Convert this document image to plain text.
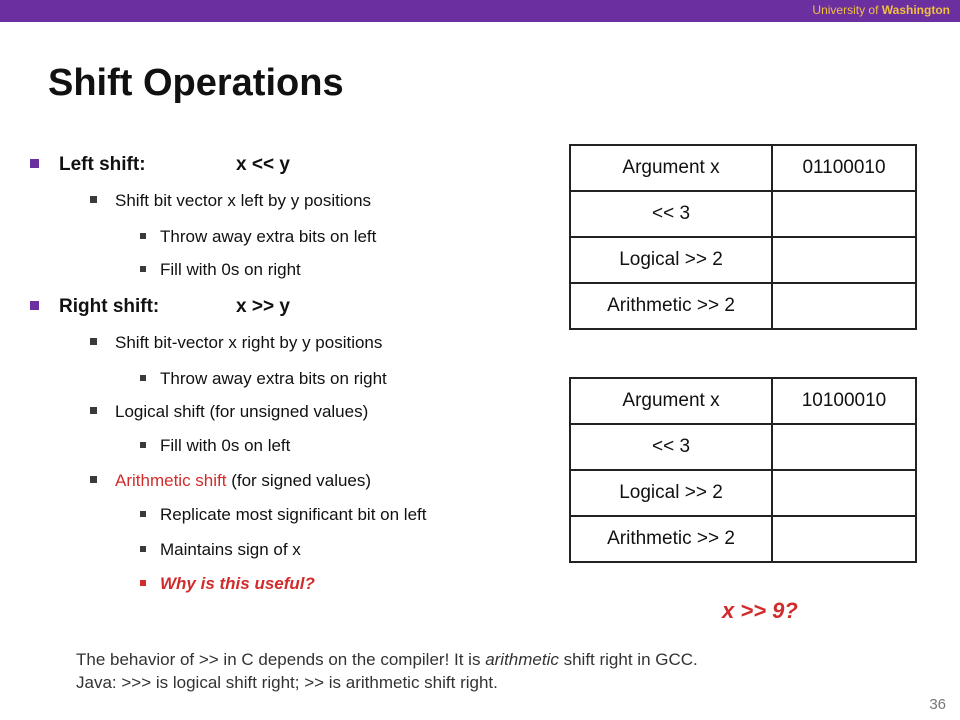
University of Washington
Shift Operations
Left shift:	x << y
Shift bit vector x left by y positions
Throw away extra bits on left
Fill with 0s on right
Right shift:	x >> y
Shift bit-vector x right by y positions
Throw away extra bits on right
Logical shift (for unsigned values)
Fill with 0s on left
Arithmetic shift (for signed values)
Replicate most significant bit on left
Maintains sign of x
Why is this useful?
Argument x	01100010
<< 3	
Logical >> 2	
Arithmetic >> 2	
Argument x	10100010
<< 3	
Logical >> 2	
Arithmetic >> 2	
x >> 9?
The behavior of >> in C depends on the compiler! It is arithmetic shift right in GCC.
Java: >>> is logical shift right; >> is arithmetic shift right.
36
